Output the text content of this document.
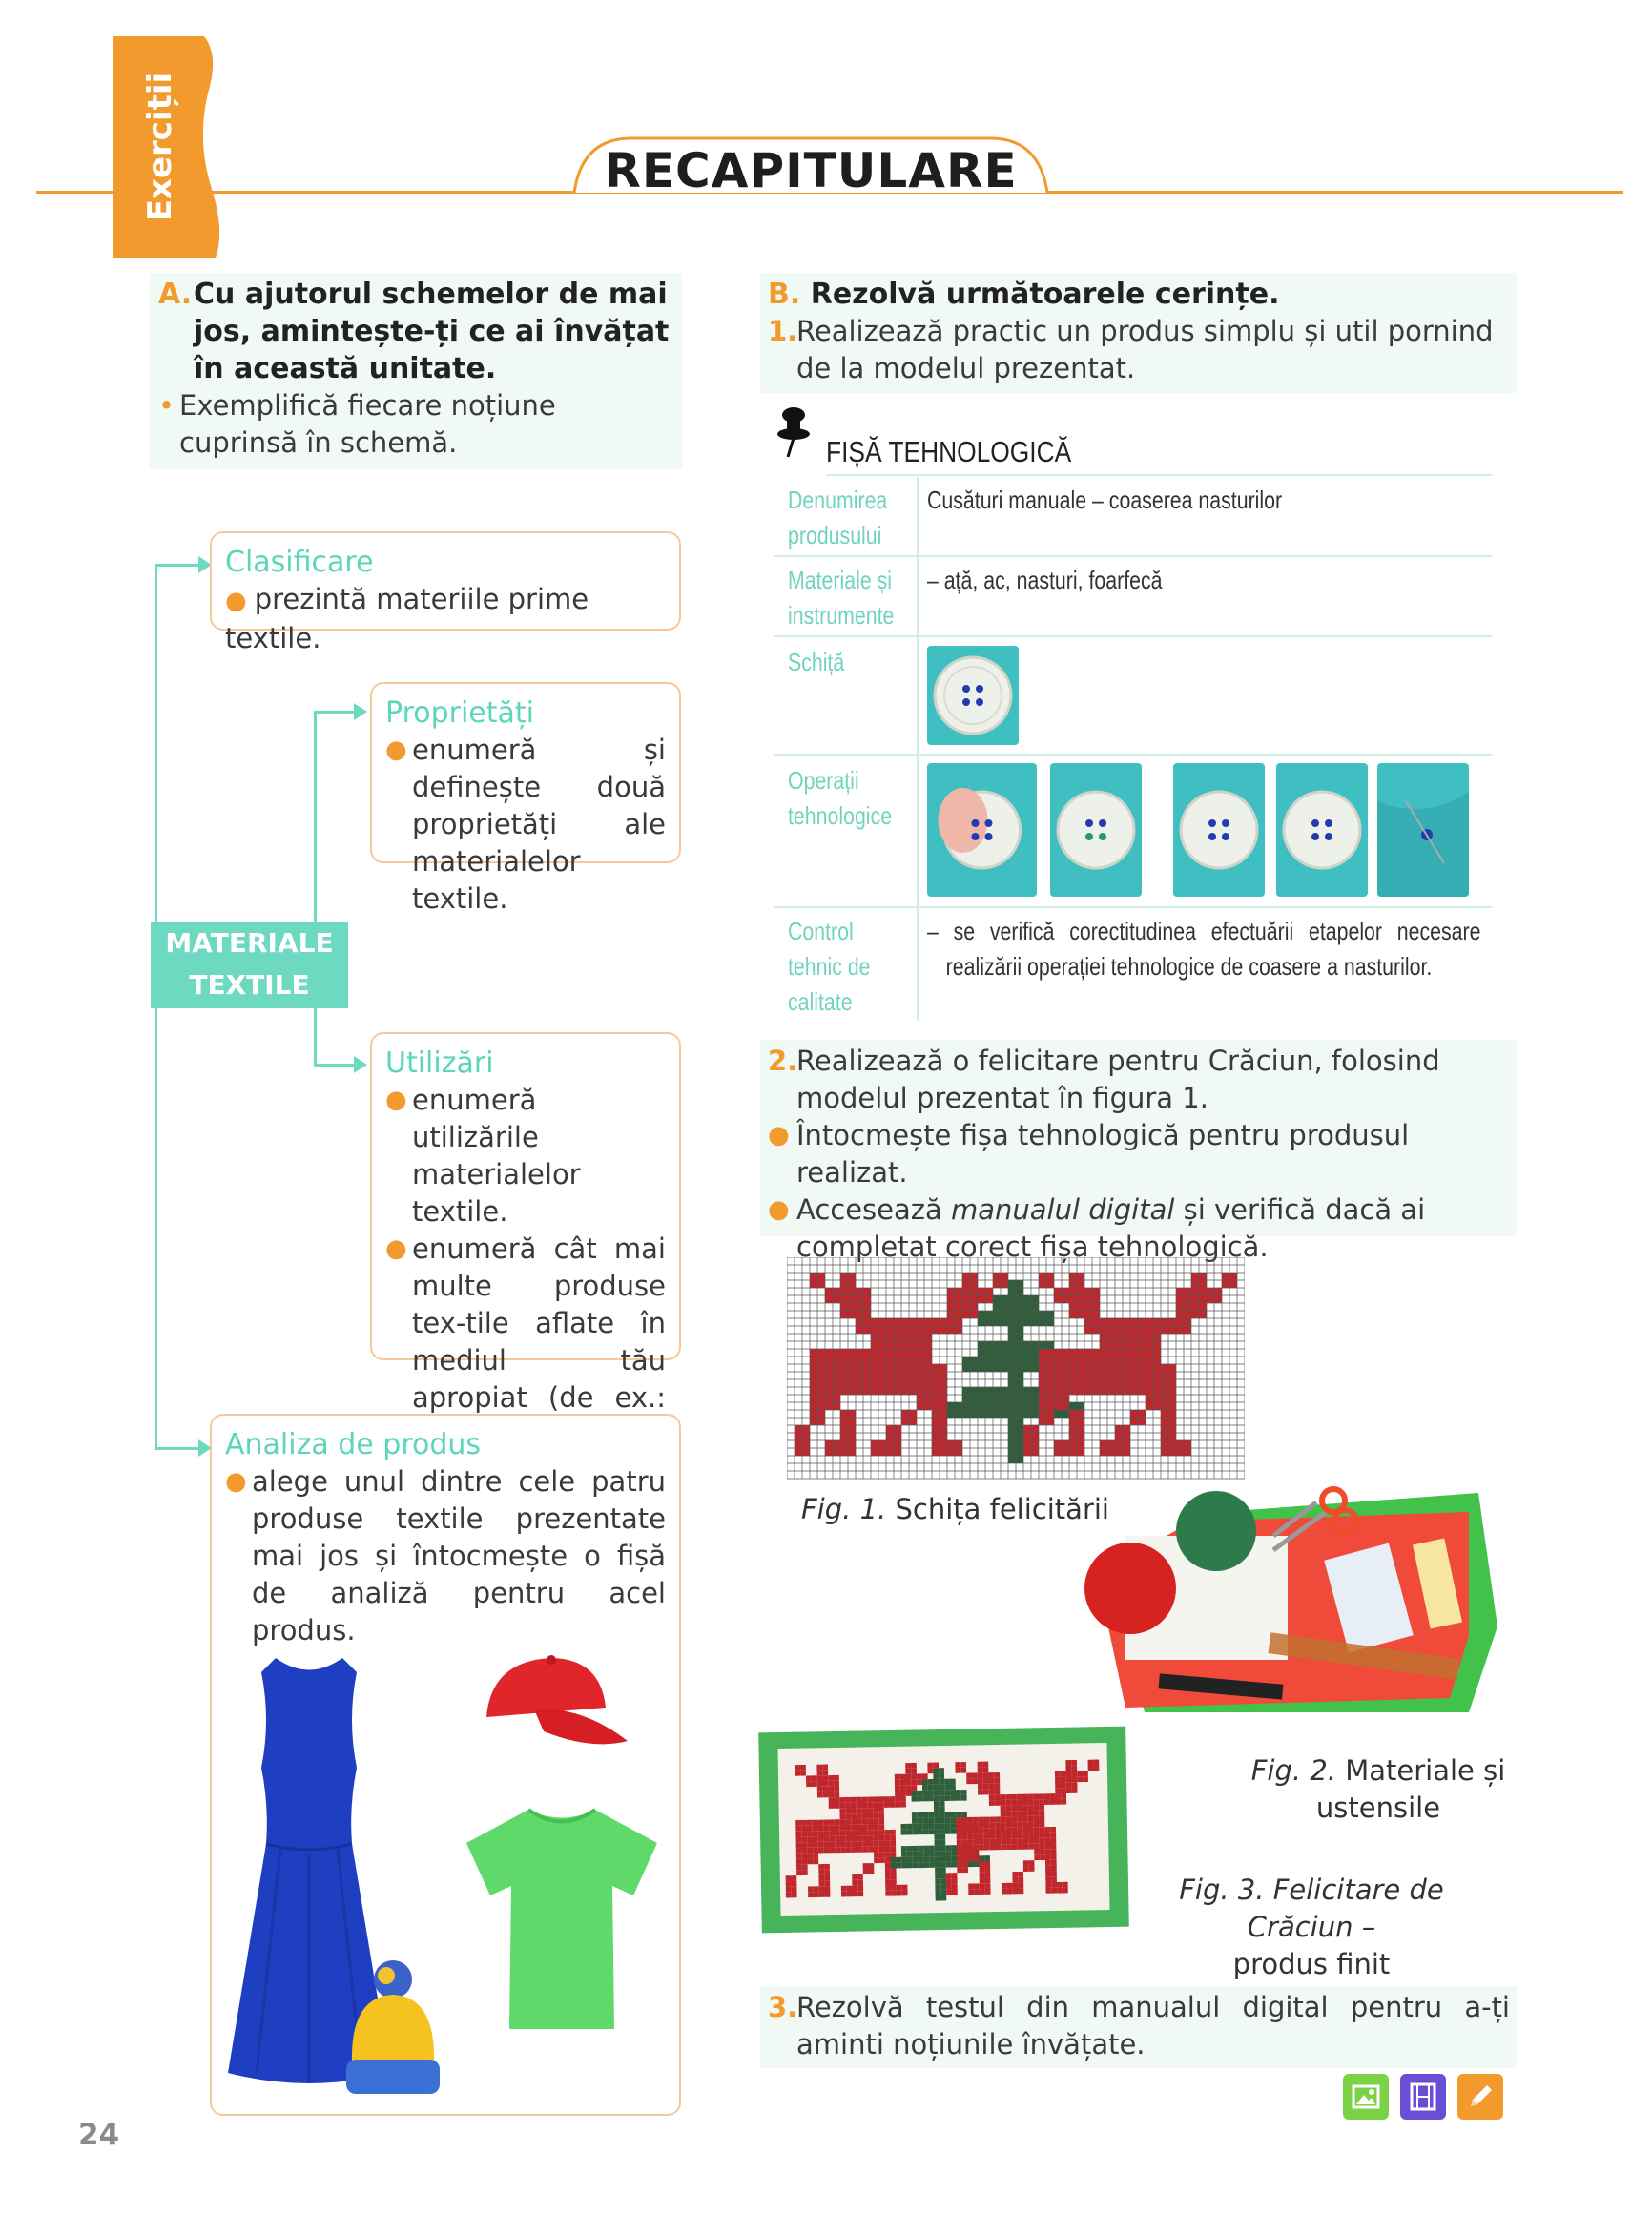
Exerciții	RECAPITULARE
A. Cu ajutorul schemelor de mai jos, amintește-ți ce ai învățat în această unitate.
• Exemplifică fiecare noțiune cuprinsă în schemă.
MATERIALE
TEXTILE
Clasificare
● prezintă materiile prime textile.
Proprietăți
● enumeră și definește două proprietăți ale materialelor textile.
Utilizări
● enumeră utilizările materialelor textile.
● enumeră cât mai multe produse tex-tile aflate în mediul tău apropiat (de ex.:
Analiza de produs
● alege unul dintre cele patru produse textile prezentate mai jos și întocmește o fișă de analiză pentru acel produs.
B. Rezolvă următoarele cerințe.
1.
Realizează practic un produs simplu și util pornind de la modelul prezentat.
FIȘĂ TEHNOLOGICĂ
Denumirea
produsului
Cusături manuale – coaserea nasturilor
Materiale și
instrumente
– ață, ac, nasturi, foarfecă
Schiță
Operații
tehnologice
Control
tehnic de
calitate
– se verifică corectitudinea efectuării etapelor necesare
realizării operației tehnologice de coasere a nasturilor.
2.
Realizează o felicitare pentru Crăciun, folosind modelul prezentat în figura 1.
● Întocmește fișa tehnologică pentru produsul realizat.
● Accesează manualul digital și verifică dacă ai completat corect fișa tehnologică.
Fig. 1. Schița felicitării
Fig. 2. Materiale și
ustensile
Fig. 3. Felicitare de Crăciun –
produs finit
3.
Rezolvă testul din manualul digital pentru a-ți aminti noțiunile învățate.
24
